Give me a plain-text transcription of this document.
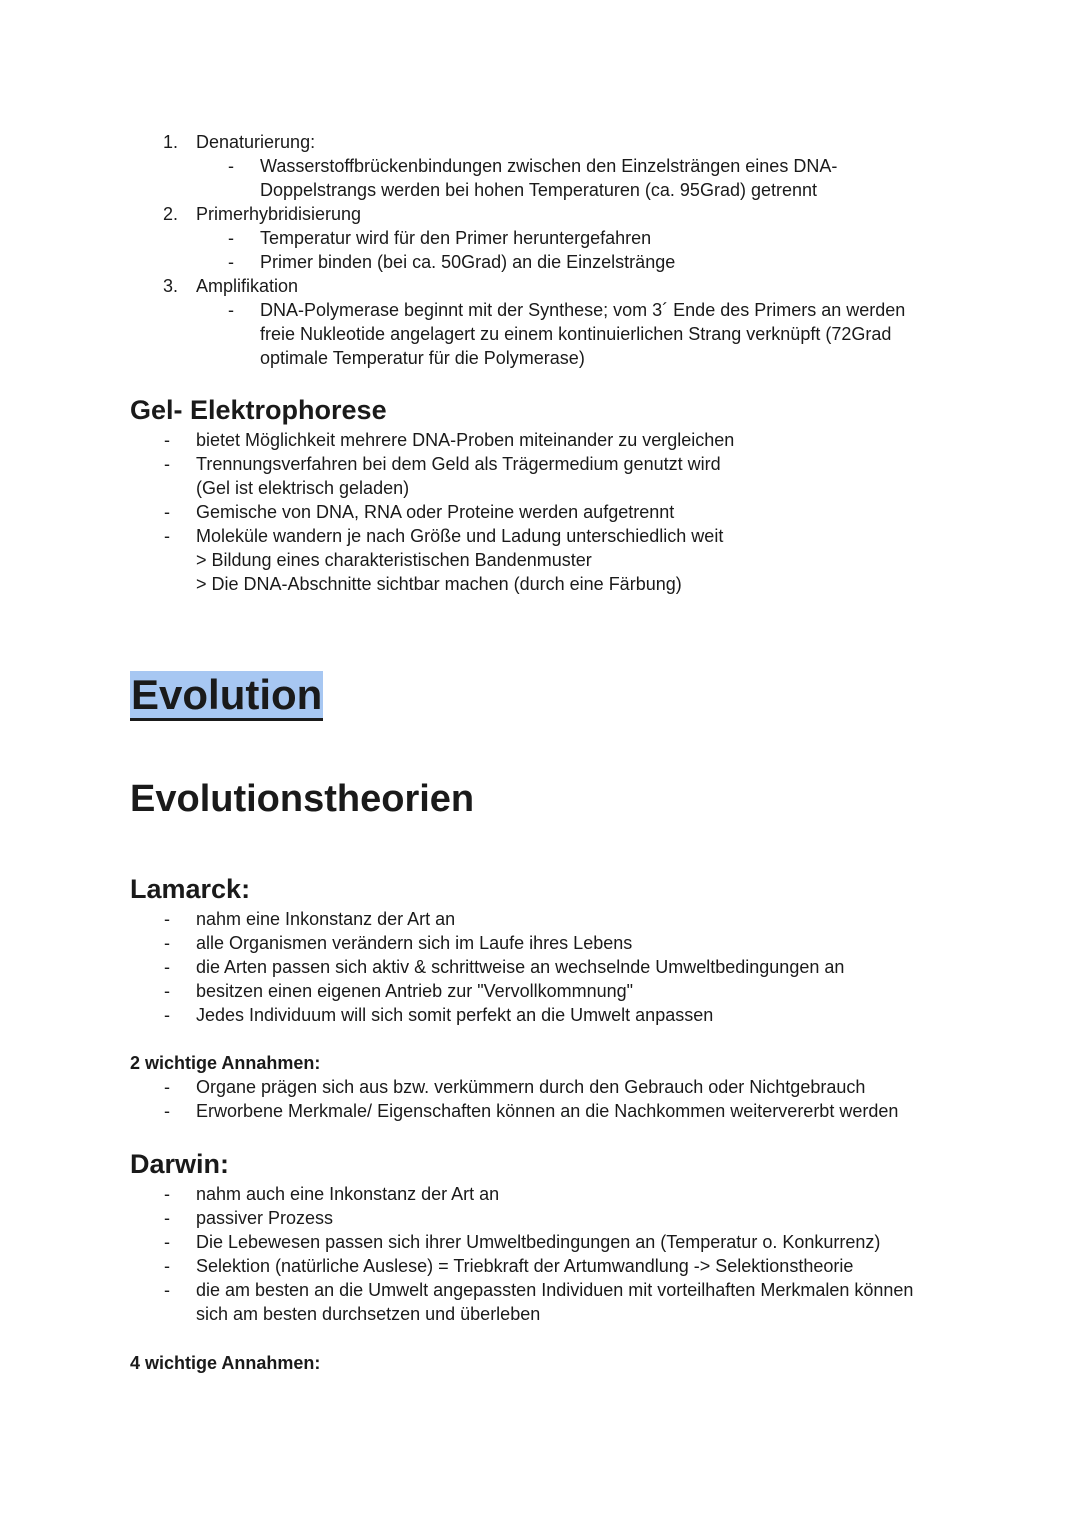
1. Denaturierung:
- Wasserstoffbrückenbindungen zwischen den Einzelsträngen eines DNA-Doppelstrangs werden bei hohen Temperaturen (ca. 95Grad) getrennt
2. Primerhybridisierung
- Temperatur wird für den Primer heruntergefahren
- Primer binden (bei ca. 50Grad) an die Einzelstränge
3. Amplifikation
- DNA-Polymerase beginnt mit der Synthese; vom 3´ Ende des Primers an werden freie Nukleotide angelagert zu einem kontinuierlichen Strang verknüpft (72Grad optimale Temperatur für die Polymerase)
Gel- Elektrophorese
- bietet Möglichkeit mehrere DNA-Proben miteinander zu vergleichen
- Trennungsverfahren bei dem Geld als Trägermedium genutzt wird
(Gel ist elektrisch geladen)
- Gemische von DNA, RNA oder Proteine werden aufgetrennt
- Moleküle wandern je nach Größe und Ladung unterschiedlich weit
> Bildung eines charakteristischen Bandenmuster
> Die DNA-Abschnitte sichtbar machen (durch eine Färbung)
Evolution
Evolutionstheorien
Lamarck:
- nahm eine Inkonstanz der Art an
- alle Organismen verändern sich im Laufe ihres Lebens
- die Arten passen sich aktiv & schrittweise an wechselnde Umweltbedingungen an
- besitzen einen eigenen Antrieb zur "Vervollkommnung"
- Jedes Individuum will sich somit perfekt an die Umwelt anpassen
2 wichtige Annahmen:
- Organe prägen sich aus bzw. verkümmern durch den Gebrauch oder Nichtgebrauch
- Erworbene Merkmale/ Eigenschaften können an die Nachkommen weitervererbt werden
Darwin:
- nahm auch eine Inkonstanz der Art an
- passiver Prozess
- Die Lebewesen passen sich ihrer Umweltbedingungen an (Temperatur o. Konkurrenz)
- Selektion (natürliche Auslese) = Triebkraft der Artumwandlung -> Selektionstheorie
- die am besten an die Umwelt angepassten Individuen mit vorteilhaften Merkmalen können sich am besten durchsetzen und überleben
4 wichtige Annahmen:
